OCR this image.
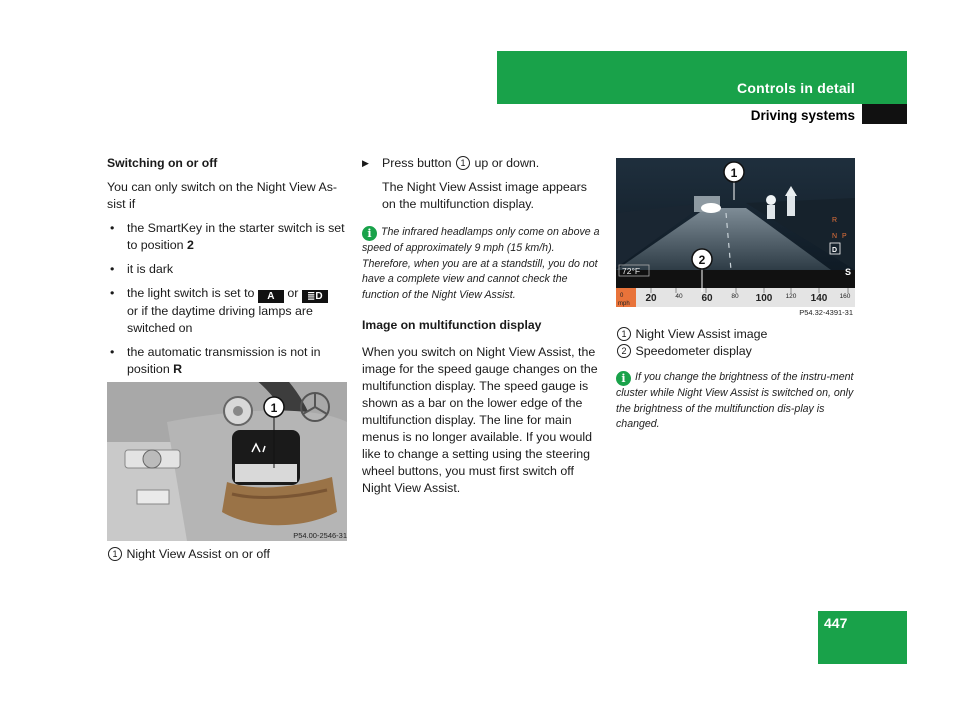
Controls in detail
Driving systems

Switching on or off

You can only switch on the Night View As-sist if

• the SmartKey in the starter switch is set to position 2
• it is dark
• the light switch is set to A or ≣D
or if the daytime driving lamps are switched on
• the automatic transmission is not in position R
1
P54.00-2546-31
1 Night View Assist on or off
▶ Press button 1 up or down.

The Night View Assist image appears on the multifunction display.

i The infrared headlamps only come on above a speed of approximately 9 mph (15 km/h). Therefore, when you are at a standstill, you do not have a complete view and cannot check the function of the Night View Assist.

Image on multifunction display

When you switch on Night View Assist, the image for the speed gauge changes on the multifunction display. The speed gauge is shown as a bar on the lower edge of the multifunction display. The line for main menus is no longer available. If you would like to change a setting using the steering wheel buttons, you must first switch off Night View Assist.

72°F	S
R
N P
D
0
mph 20	40 60	80 100 120 140 160
1
2
P54.32-4391-31
1 Night View Assist image
2 Speedometer display

i If you change the brightness of the instru-ment cluster while Night View Assist is switched on, only the brightness of the multifunction dis-play is changed.

447
